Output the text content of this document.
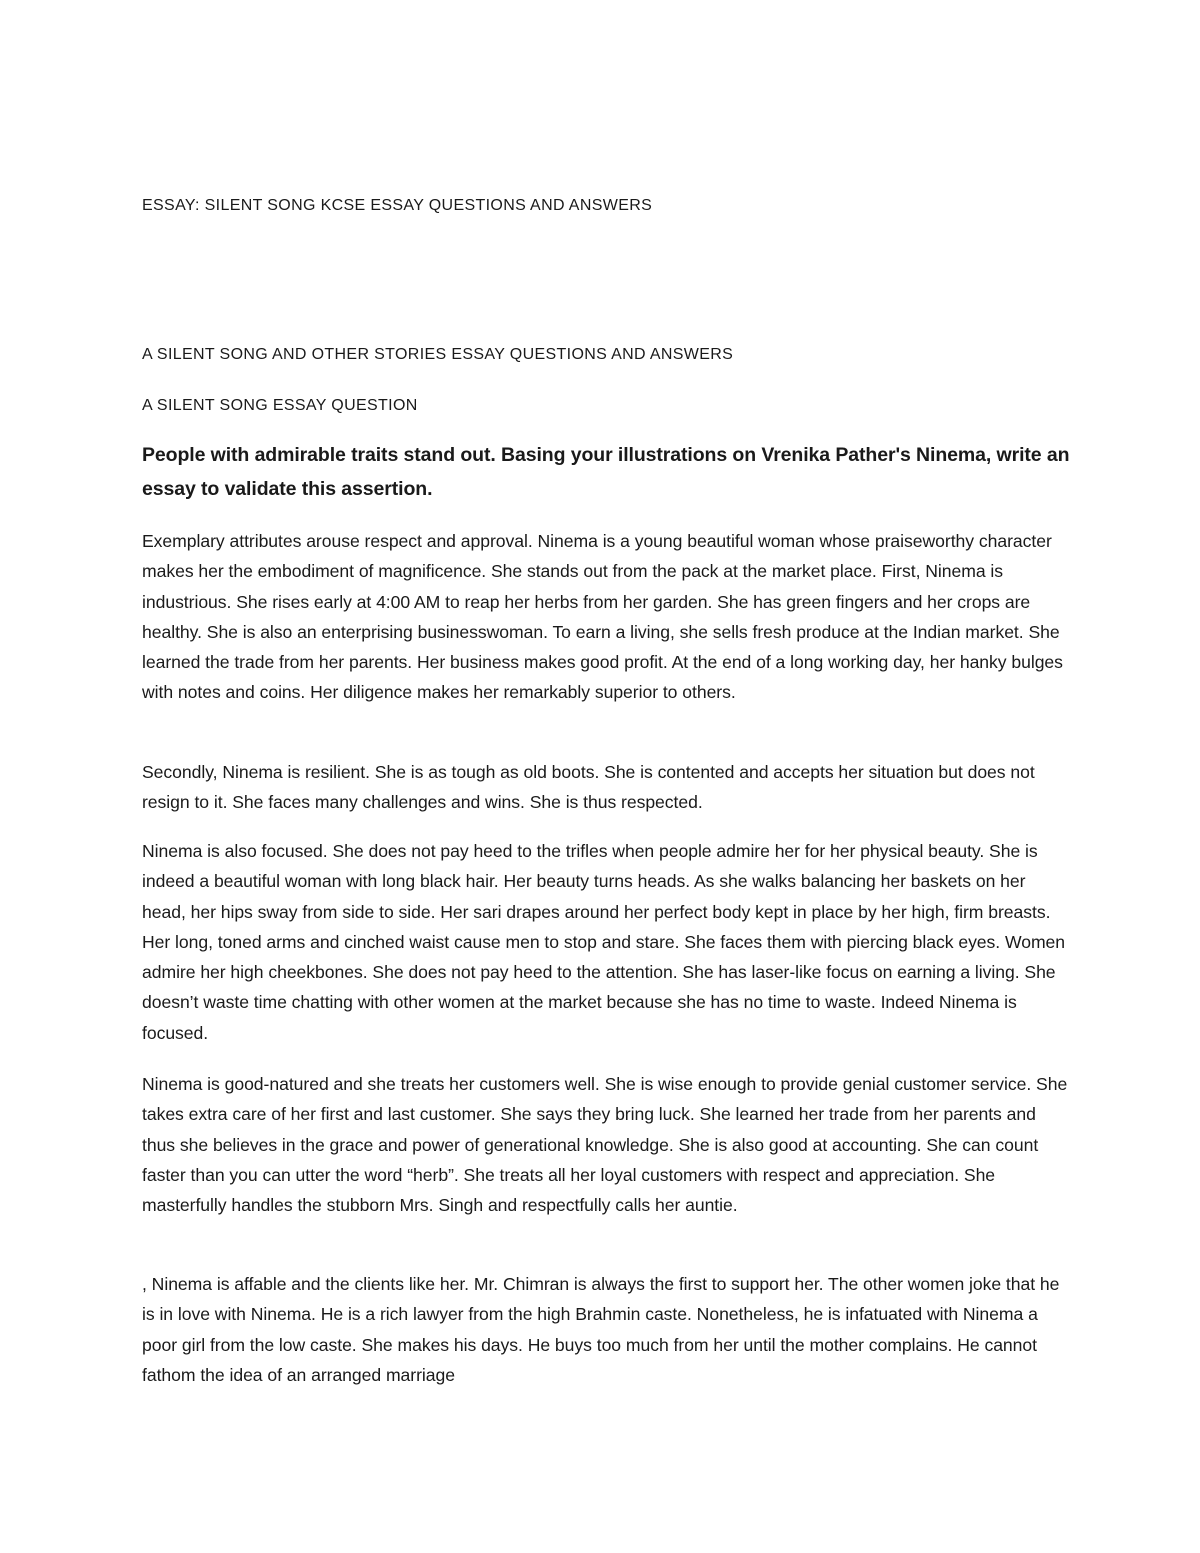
ESSAY: SILENT SONG KCSE ESSAY QUESTIONS AND ANSWERS

A SILENT SONG AND OTHER STORIES ESSAY QUESTIONS AND ANSWERS

A SILENT SONG ESSAY QUESTION

People with admirable traits stand out. Basing your illustrations on Vrenika Pather's Ninema, write an essay to validate this assertion.

Exemplary attributes arouse respect and approval. Ninema is a young beautiful woman whose praiseworthy character makes her the embodiment of magnificence. She stands out from the pack at the market place. First, Ninema is industrious. She rises early at 4:00 AM to reap her herbs from her garden. She has green fingers and her crops are healthy. She is also an enterprising businesswoman. To earn a living, she sells fresh produce at the Indian market. She learned the trade from her parents. Her business makes good profit. At the end of a long working day, her hanky bulges with notes and coins. Her diligence makes her remarkably superior to others.

Secondly, Ninema is resilient. She is as tough as old boots. She is contented and accepts her situation but does not resign to it. She faces many challenges and wins. She is thus respected.

Ninema is also focused. She does not pay heed to the trifles when people admire her for her physical beauty. She is indeed a beautiful woman with long black hair. Her beauty turns heads. As she walks balancing her baskets on her head, her hips sway from side to side. Her sari drapes around her perfect body kept in place by her high, firm breasts. Her long, toned arms and cinched waist cause men to stop and stare. She faces them with piercing black eyes. Women admire her high cheekbones. She does not pay heed to the attention. She has laser-like focus on earning a living. She doesn’t waste time chatting with other women at the market because she has no time to waste. Indeed Ninema is focused.

Ninema is good-natured and she treats her customers well. She is wise enough to provide genial customer service. She takes extra care of her first and last customer. She says they bring luck. She learned her trade from her parents and thus she believes in the grace and power of generational knowledge. She is also good at accounting. She can count faster than you can utter the word “herb”. She treats all her loyal customers with respect and appreciation. She masterfully handles the stubborn Mrs. Singh and respectfully calls her auntie.

, Ninema is affable and the clients like her. Mr. Chimran is always the first to support her. The other women joke that he is in love with Ninema. He is a rich lawyer from the high Brahmin caste. Nonetheless, he is infatuated with Ninema a poor girl from the low caste. She makes his days. He buys too much from her until the mother complains. He cannot fathom the idea of an arranged marriage
